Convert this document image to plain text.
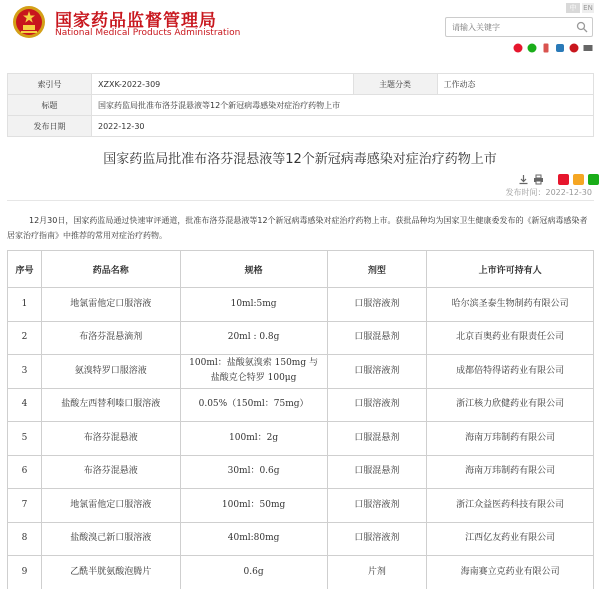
国家药品监督管理局
National Medical Products Administration
中 EN
请输入关键字
索引号	XZXK-2022-309	主题分类	工作动态
标题	国家药监局批准布洛芬混悬液等12个新冠病毒感染对症治疗药物上市		
发布日期	2022-12-30		
国家药监局批准布洛芬混悬液等12个新冠病毒感染对症治疗药物上市
发布时间：2022-12-30
12月30日，国家药监局通过快速审评通道，批准布洛芬混悬液等12个新冠病毒感染对症治疗药物上市。获批品种均为国家卫生健康委发布的《新冠病毒感染者居家治疗指南》中推荐的常用对症治疗药物。
序号	药品名称	规格	剂型	上市许可持有人
1	地氯雷他定口服溶液	10ml:5mg	口服溶液剂	哈尔滨圣泰生物制药有限公司
2	布洛芬混悬滴剂	20ml : 0.8g	口服混悬剂	北京百奥药业有限责任公司
3	氨溴特罗口服溶液	100ml：盐酸氨溴索 150mg 与盐酸克仑特罗 100μg	口服溶液剂	成都倍特得诺药业有限公司
4	盐酸左西替利嗪口服溶液	0.05%（150ml：75mg）	口服溶液剂	浙江核力欣健药业有限公司
5	布洛芬混悬液	100ml：2g	口服混悬剂	海南万玮制药有限公司
6	布洛芬混悬液	30ml：0.6g	口服混悬剂	海南万玮制药有限公司
7	地氯雷他定口服溶液	100ml：50mg	口服溶液剂	浙江众益医药科技有限公司
8	盐酸溴己新口服溶液	40ml:80mg	口服溶液剂	江西亿友药业有限公司
9	乙酰半胱氨酸泡腾片	0.6g	片剂	海南赛立克药业有限公司
